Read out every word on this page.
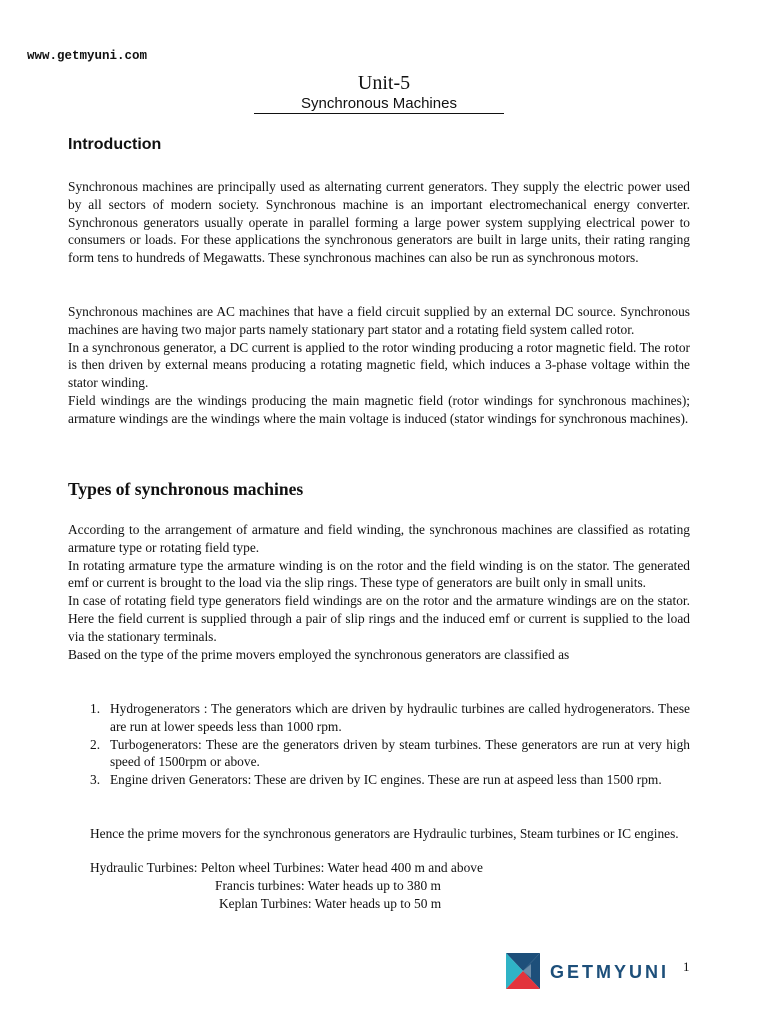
www.getmyuni.com
Unit-5
Synchronous Machines
Introduction

Synchronous machines are principally used as alternating current generators. They supply the electric power used by all sectors of modern society. Synchronous machine is an important electromechanical energy converter. Synchronous generators usually operate in parallel forming a large power system supplying electrical power to consumers or loads. For these applications the synchronous generators are built in large units, their rating ranging form tens to hundreds of Megawatts. These synchronous machines can also be run as synchronous motors.

Synchronous machines are AC machines that have a field circuit supplied by an external DC source. Synchronous machines are having two major parts namely stationary part stator and a rotating field system called rotor.

In a synchronous generator, a DC current is applied to the rotor winding producing a rotor magnetic field. The rotor is then driven by external means producing a rotating magnetic field, which induces a 3-phase voltage within the stator winding.

Field windings are the windings producing the main magnetic field (rotor windings for synchronous machines); armature windings are the windings where the main voltage is induced (stator windings for synchronous machines).

Types of synchronous machines

According to the arrangement of armature and field winding, the synchronous machines are classified as rotating armature type or rotating field type.

In rotating armature type the armature winding is on the rotor and the field winding is on the stator. The generated emf or current is brought to the load via the slip rings. These type of generators are built only in small units.

In case of rotating field type generators field windings are on the rotor and the armature windings are on the stator. Here the field current is supplied through a pair of slip rings and the induced emf or current is supplied to the load via the stationary terminals.

Based on the type of the prime movers employed the synchronous generators are classified as

1. Hydrogenerators : The generators which are driven by hydraulic turbines are called hydrogenerators. These are run at lower speeds less than 1000 rpm.
2. Turbogenerators: These are the generators driven by steam turbines. These generators are run at very high speed of 1500rpm or above.
3. Engine driven Generators: These are driven by IC engines. These are run at aspeed less than 1500 rpm.

Hence the prime movers for the synchronous generators are Hydraulic turbines, Steam turbines or IC engines.

Hydraulic Turbines: Pelton wheel Turbines: Water head 400 m and above
Francis turbines: Water heads up to 380 m
Keplan Turbines: Water heads up to 50 m
GETMYUNI 1
